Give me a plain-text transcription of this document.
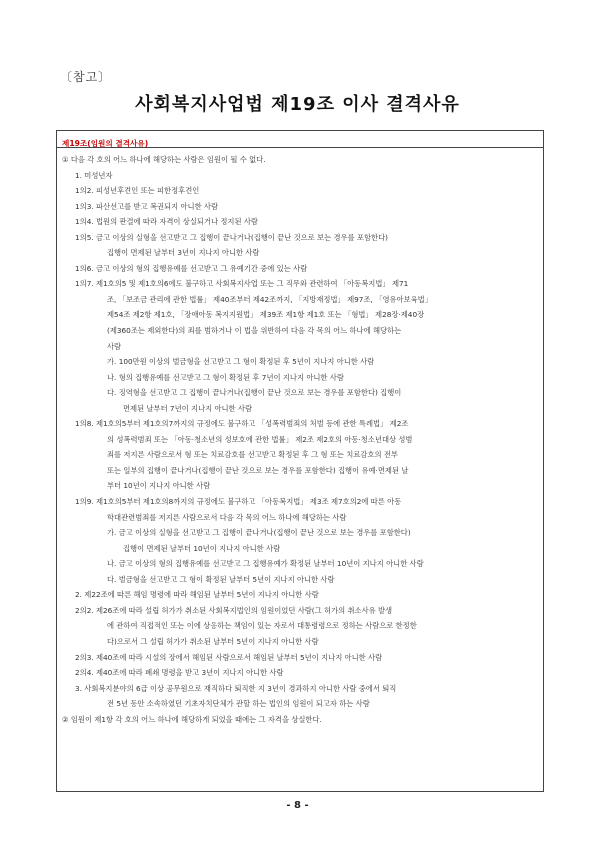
〔참고〕
사회복지사업법 제19조 이사 결격사유
제19조(임원의 결격사유)
① 다음 각 호의 어느 하나에 해당하는 사람은 임원이 될 수 없다.
1. 미성년자
1의2. 피성년후견인 또는 피한정후견인
1의3. 파산선고를 받고 복권되지 아니한 사람
1의4. 법원의 판결에 따라 자격이 상실되거나 정지된 사람
1의5. 금고 이상의 실형을 선고받고 그 집행이 끝나거나(집행이 끝난 것으로 보는 경우를 포함한다)
집행이 면제된 날부터 3년이 지나지 아니한 사람
1의6. 금고 이상의 형의 집행유예를 선고받고 그 유예기간 중에 있는 사람
1의7. 제1호의5 및 제1호의6에도 불구하고 사회복지사업 또는 그 직무와 관련하여 「아동복지법」 제71
조, 「보조금 관리에 관한 법률」 제40조부터 제42조까지, 「지방재정법」 제97조, 「영유아보육법」
제54조 제2항 제1호, 「장애아동 복지지원법」 제39조 제1항 제1호 또는 「형법」 제28장·제40장
(제360조는 제외한다)의 죄를 범하거나 이 법을 위반하여 다음 각 목의 어느 하나에 해당하는
사람
가. 100만원 이상의 벌금형을 선고받고 그 형이 확정된 후 5년이 지나지 아니한 사람
나. 형의 집행유예를 선고받고 그 형이 확정된 후 7년이 지나지 아니한 사람
다. 징역형을 선고받고 그 집행이 끝나거나(집행이 끝난 것으로 보는 경우를 포함한다) 집행이
면제된 날부터 7년이 지나지 아니한 사람
1의8. 제1호의5부터 제1호의7까지의 규정에도 불구하고 「성폭력범죄의 처벌 등에 관한 특례법」 제2조
의 성폭력범죄 또는 「아동·청소년의 성보호에 관한 법률」 제2조 제2호의 아동·청소년대상 성범
죄를 저지른 사람으로서 형 또는 치료감호를 선고받고 확정된 후 그 형 또는 치료감호의 전부
또는 일부의 집행이 끝나거나(집행이 끝난 것으로 보는 경우를 포함한다) 집행이 유예·면제된 날
부터 10년이 지나지 아니한 사람
1의9. 제1호의5부터 제1호의8까지의 규정에도 불구하고 「아동복지법」 제3조 제7호의2에 따른 아동
학대관련범죄를 저지른 사람으로서 다음 각 목의 어느 하나에 해당하는 사람
가. 금고 이상의 실형을 선고받고 그 집행이 끝나거나(집행이 끝난 것으로 보는 경우를 포함한다)
집행이 면제된 날부터 10년이 지나지 아니한 사람
나. 금고 이상의 형의 집행유예를 선고받고 그 집행유예가 확정된 날부터 10년이 지나지 아니한 사람
다. 벌금형을 선고받고 그 형이 확정된 날부터 5년이 지나지 아니한 사람
2. 제22조에 따른 해임 명령에 따라 해임된 날부터 5년이 지나지 아니한 사람
2의2. 제26조에 따라 설립 허가가 취소된 사회복지법인의 임원이었던 사람(그 허가의 취소사유 발생
에 관하여 직접적인 또는 이에 상응하는 책임이 있는 자로서 대통령령으로 정하는 사람으로 한정한
다)으로서 그 설립 허가가 취소된 날부터 5년이 지나지 아니한 사람
2의3. 제40조에 따라 시설의 장에서 해임된 사람으로서 해임된 날부터 5년이 지나지 아니한 사람
2의4. 제40조에 따라 폐쇄 명령을 받고 3년이 지나지 아니한 사람
3. 사회복지분야의 6급 이상 공무원으로 재직하다 퇴직한 지 3년이 경과하지 아니한 사람 중에서 퇴직
전 5년 동안 소속하였던 기초자치단체가 관할 하는 법인의 임원이 되고자 하는 사람
② 임원이 제1항 각 호의 어느 하나에 해당하게 되었을 때에는 그 자격을 상실한다.
- 8 -
